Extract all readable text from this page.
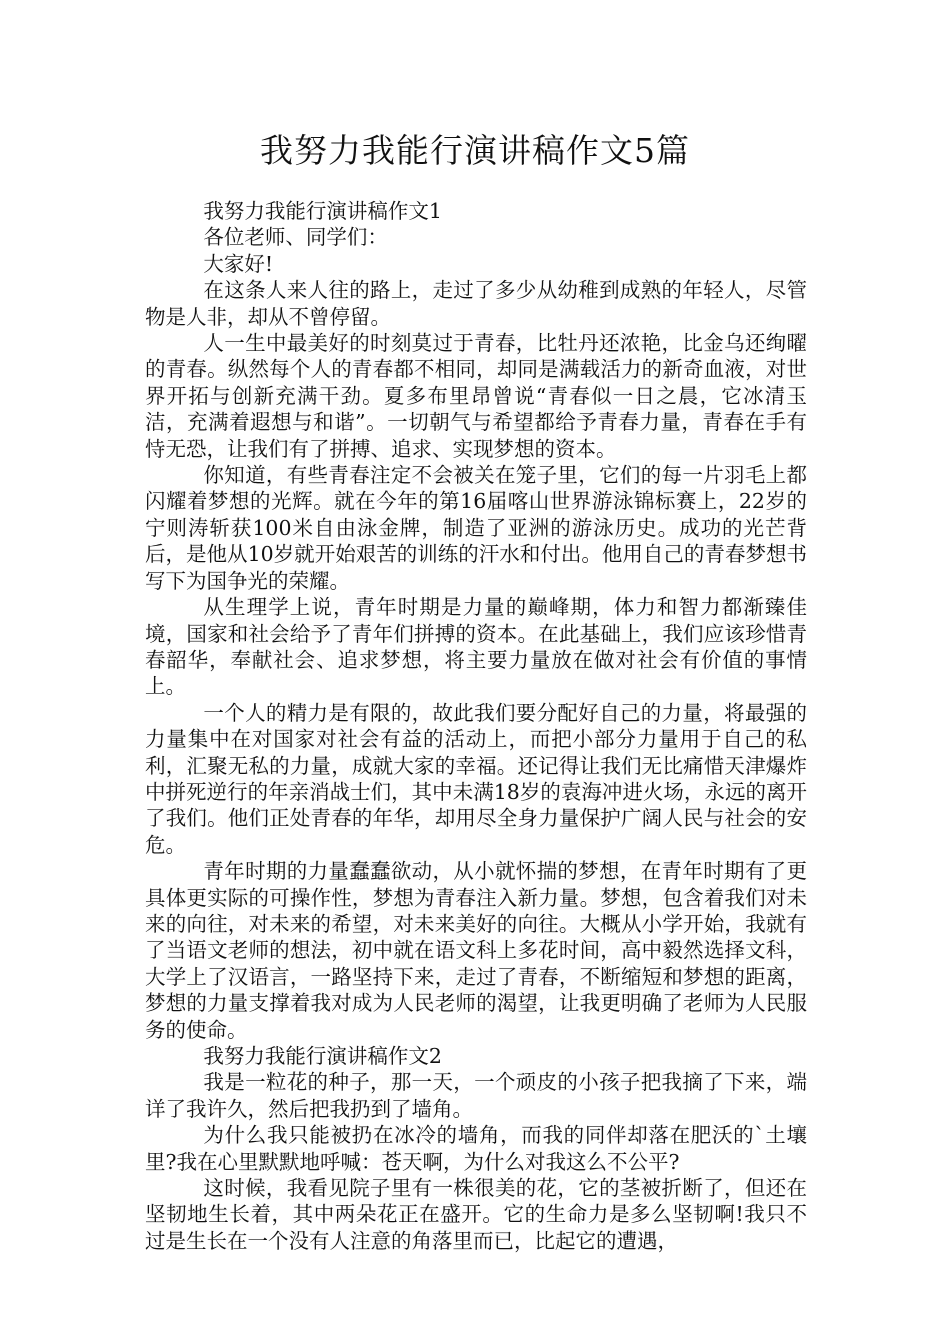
我努力我能行演讲稿作文5篇

我努力我能行演讲稿作文1

各位老师、同学们：

大家好!

在这条人来人往的路上，走过了多少从幼稚到成熟的年轻人，尽管物是人非，却从不曾停留。

人一生中最美好的时刻莫过于青春，比牡丹还浓艳，比金乌还绚曜的青春。纵然每个人的青春都不相同，却同是满载活力的新奇血液，对世界开拓与创新充满干劲。夏多布里昂曾说“青春似一日之晨，它冰清玉洁，充满着遐想与和谐”。一切朝气与希望都给予青春力量，青春在手有恃无恐，让我们有了拼搏、追求、实现梦想的资本。

你知道，有些青春注定不会被关在笼子里，它们的每一片羽毛上都闪耀着梦想的光辉。就在今年的第16届喀山世界游泳锦标赛上，22岁的宁则涛斩获100米自由泳金牌，制造了亚洲的游泳历史。成功的光芒背后，是他从10岁就开始艰苦的训练的汗水和付出。他用自己的青春梦想书写下为国争光的荣耀。

从生理学上说，青年时期是力量的巅峰期，体力和智力都渐臻佳境，国家和社会给予了青年们拼搏的资本。在此基础上，我们应该珍惜青春韶华，奉献社会、追求梦想，将主要力量放在做对社会有价值的事情上。

一个人的精力是有限的，故此我们要分配好自己的力量，将最强的力量集中在对国家对社会有益的活动上，而把小部分力量用于自己的私利，汇聚无私的力量，成就大家的幸福。还记得让我们无比痛惜天津爆炸中拼死逆行的年亲消战士们，其中未满18岁的袁海冲进火场，永远的离开了我们。他们正处青春的年华，却用尽全身力量保护广阔人民与社会的安危。

青年时期的力量蠢蠢欲动，从小就怀揣的梦想，在青年时期有了更具体更实际的可操作性，梦想为青春注入新力量。梦想，包含着我们对未来的向往，对未来的希望，对未来美好的向往。大概从小学开始，我就有了当语文老师的想法，初中就在语文科上多花时间，高中毅然选择文科，大学上了汉语言，一路坚持下来，走过了青春，不断缩短和梦想的距离，梦想的力量支撑着我对成为人民老师的渴望，让我更明确了老师为人民服务的使命。

我努力我能行演讲稿作文2

我是一粒花的种子，那一天，一个顽皮的小孩子把我摘了下来，端详了我许久，然后把我扔到了墙角。

为什么我只能被扔在冰冷的墙角，而我的同伴却落在肥沃的`土壤里?我在心里默默地呼喊：苍天啊，为什么对我这么不公平?

这时候，我看见院子里有一株很美的花，它的茎被折断了，但还在坚韧地生长着，其中两朵花正在盛开。它的生命力是多么坚韧啊!我只不过是生长在一个没有人注意的角落里而已，比起它的遭遇，
